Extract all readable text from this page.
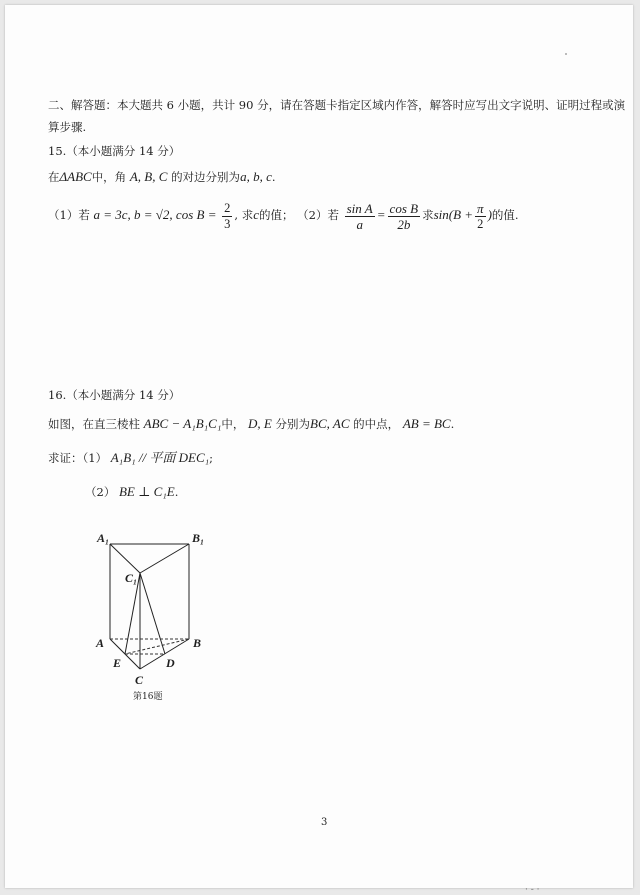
二、解答题：本大题共 6 小题，共计 90 分，请在答题卡指定区域内作答，解答时应写出文字说明、证明过程或演
算步骤.
15.（本小题满分 14 分）
在ΔABC中，角 A, B, C 的对边分别为a, b, c.
（1）若 a = 3c, b = √2, $\cos B = \frac{2}{3}$ , 求c的值； （2）若 $\frac{\text{sin A}}{a} = \frac{\text{cos B}}{2b}$ 求$\sin(B + \frac{\pi}{2}$ )的值.
16.（本小题满分 14 分）
如图，在直三棱柱 ABC − A₁B₁C₁中， D, E 分别为BC, AC 的中点， AB = BC.
求证：（1） A₁B₁ // 平面 DEC₁;
（2） BE ⊥ C₁E.
A₁	B₁
C₁
A	B
E	D
C
第16题
3
· ‐ ·
